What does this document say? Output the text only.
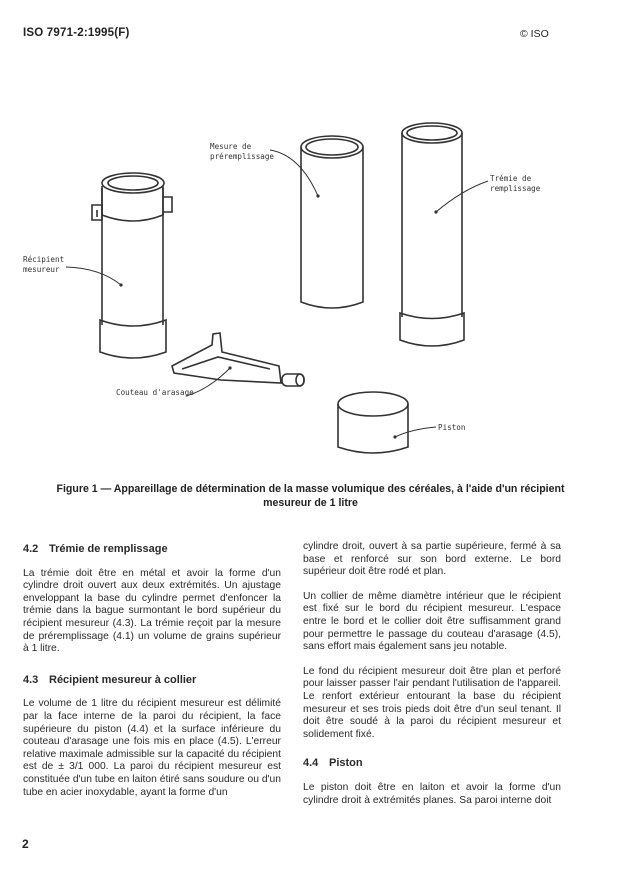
ISO 7971-2:1995(F)	© ISO
Mesure de
préremplissage
Trémie de
remplissage
Récipient
mesureur
Couteau d'arasage
Piston
Figure 1 — Appareillage de détermination de la masse volumique des céréales, à l'aide d'un récipient
mesureur de 1 litre
4.2 Trémie de remplissage

La trémie doit être en métal et avoir la forme d'un cylindre droit ouvert aux deux extrémités. Un ajustage enveloppant la base du cylindre permet d'enfoncer la trémie dans la bague surmontant le bord supérieur du récipient mesureur (4.3). La trémie reçoit par la mesure de préremplissage (4.1) un volume de grains supérieur à 1 litre.

4.3 Récipient mesureur à collier

Le volume de 1 litre du récipient mesureur est délimité par la face interne de la paroi du récipient, la face supérieure du piston (4.4) et la surface inférieure du couteau d'arasage une fois mis en place (4.5). L'erreur relative maximale admissible sur la capacité du récipient est de ± 3/1 000. La paroi du récipient mesureur est constituée d'un tube en laiton étiré sans soudure ou d'un tube en acier inoxydable, ayant la forme d'un

cylindre droit, ouvert à sa partie supérieure, fermé à sa base et renforcé sur son bord externe. Le bord supérieur doit être rodé et plan.

Un collier de même diamètre intérieur que le récipient est fixé sur le bord du récipient mesureur. L'espace entre le bord et le collier doit être suffisamment grand pour permettre le passage du couteau d'arasage (4.5), sans effort mais également sans jeu notable.

Le fond du récipient mesureur doit être plan et perforé pour laisser passer l'air pendant l'utilisation de l'appareil. Le renfort extérieur entourant la base du récipient mesureur et ses trois pieds doit être d'un seul tenant. Il doit être soudé à la paroi du récipient mesureur et solidement fixé.

4.4 Piston

Le piston doit être en laiton et avoir la forme d'un cylindre droit à extrémités planes. Sa paroi interne doit

2
